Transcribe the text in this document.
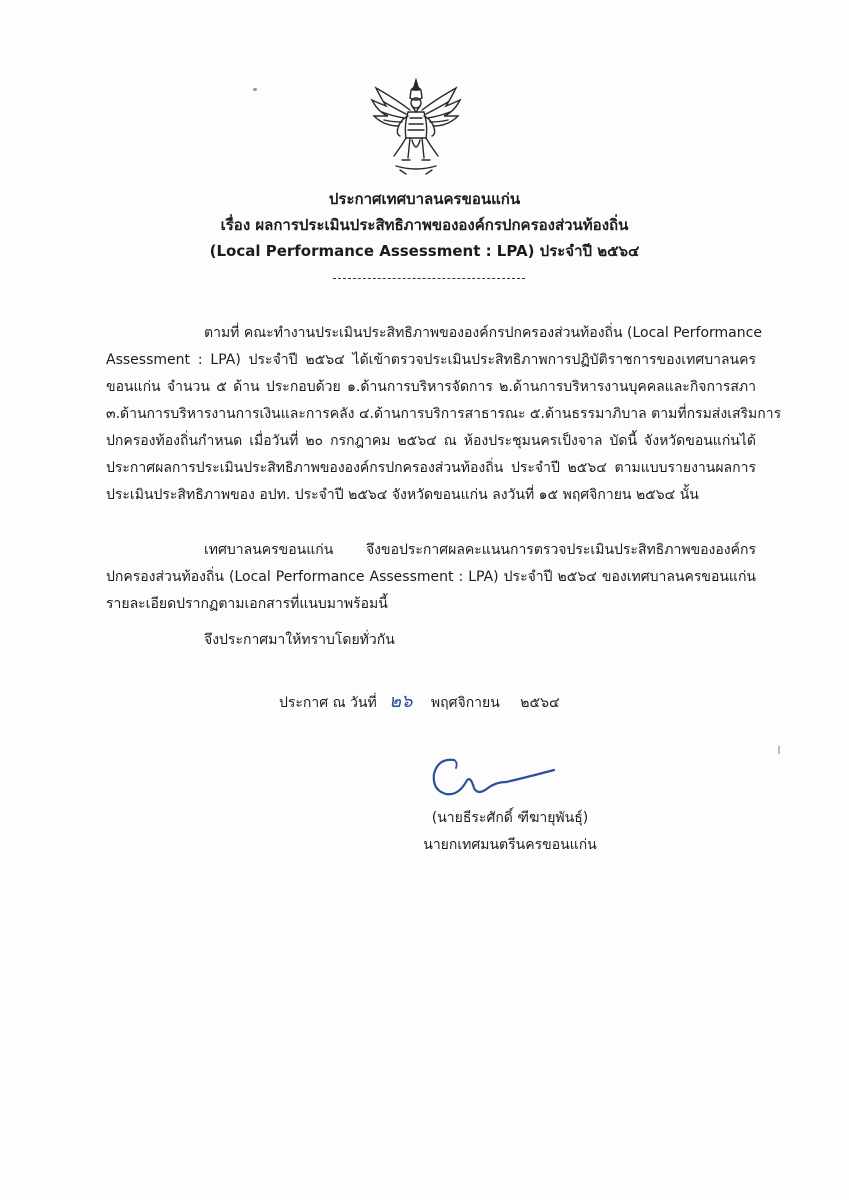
ประกาศเทศบาลนครขอนแก่น
เรื่อง ผลการประเมินประสิทธิภาพขององค์กรปกครองส่วนท้องถิ่น
(Local Performance Assessment : LPA) ประจำปี ๒๕๖๔
ตามที่ คณะทำงานประเมินประสิทธิภาพขององค์กรปกครองส่วนท้องถิ่น (Local Performance
Assessment : LPA) ประจำปี ๒๕๖๔ ได้เข้าตรวจประเมินประสิทธิภาพการปฏิบัติราชการของเทศบาลนคร
ขอนแก่น จำนวน ๕ ด้าน ประกอบด้วย ๑.ด้านการบริหารจัดการ ๒.ด้านการบริหารงานบุคคลและกิจการสภา
๓.ด้านการบริหารงานการเงินและการคลัง ๔.ด้านการบริการสาธารณะ ๕.ด้านธรรมาภิบาล ตามที่กรมส่งเสริมการ
ปกครองท้องถิ่นกำหนด เมื่อวันที่ ๒๐ กรกฎาคม ๒๕๖๔ ณ ห้องประชุมนครเป็งจาล บัดนี้ จังหวัดขอนแก่นได้
ประกาศผลการประเมินประสิทธิภาพขององค์กรปกครองส่วนท้องถิ่น ประจำปี ๒๕๖๔ ตามแบบรายงานผลการ
ประเมินประสิทธิภาพของ อปท. ประจำปี ๒๕๖๔ จังหวัดขอนแก่น ลงวันที่ ๑๕ พฤศจิกายน ๒๕๖๔ นั้น
เทศบาลนครขอนแก่น จึงขอประกาศผลคะแนนการตรวจประเมินประสิทธิภาพขององค์กร
ปกครองส่วนท้องถิ่น (Local Performance Assessment : LPA) ประจำปี ๒๕๖๔ ของเทศบาลนครขอนแก่น
รายละเอียดปรากฏตามเอกสารที่แนบมาพร้อมนี้
จึงประกาศมาให้ทราบโดยทั่วกัน
ประกาศ ณ วันที่ ๒๖ พฤศจิกายน ๒๕๖๔
(นายธีระศักดิ์ ฑีฆายุพันธุ์)
นายกเทศมนตรีนครขอนแก่น
